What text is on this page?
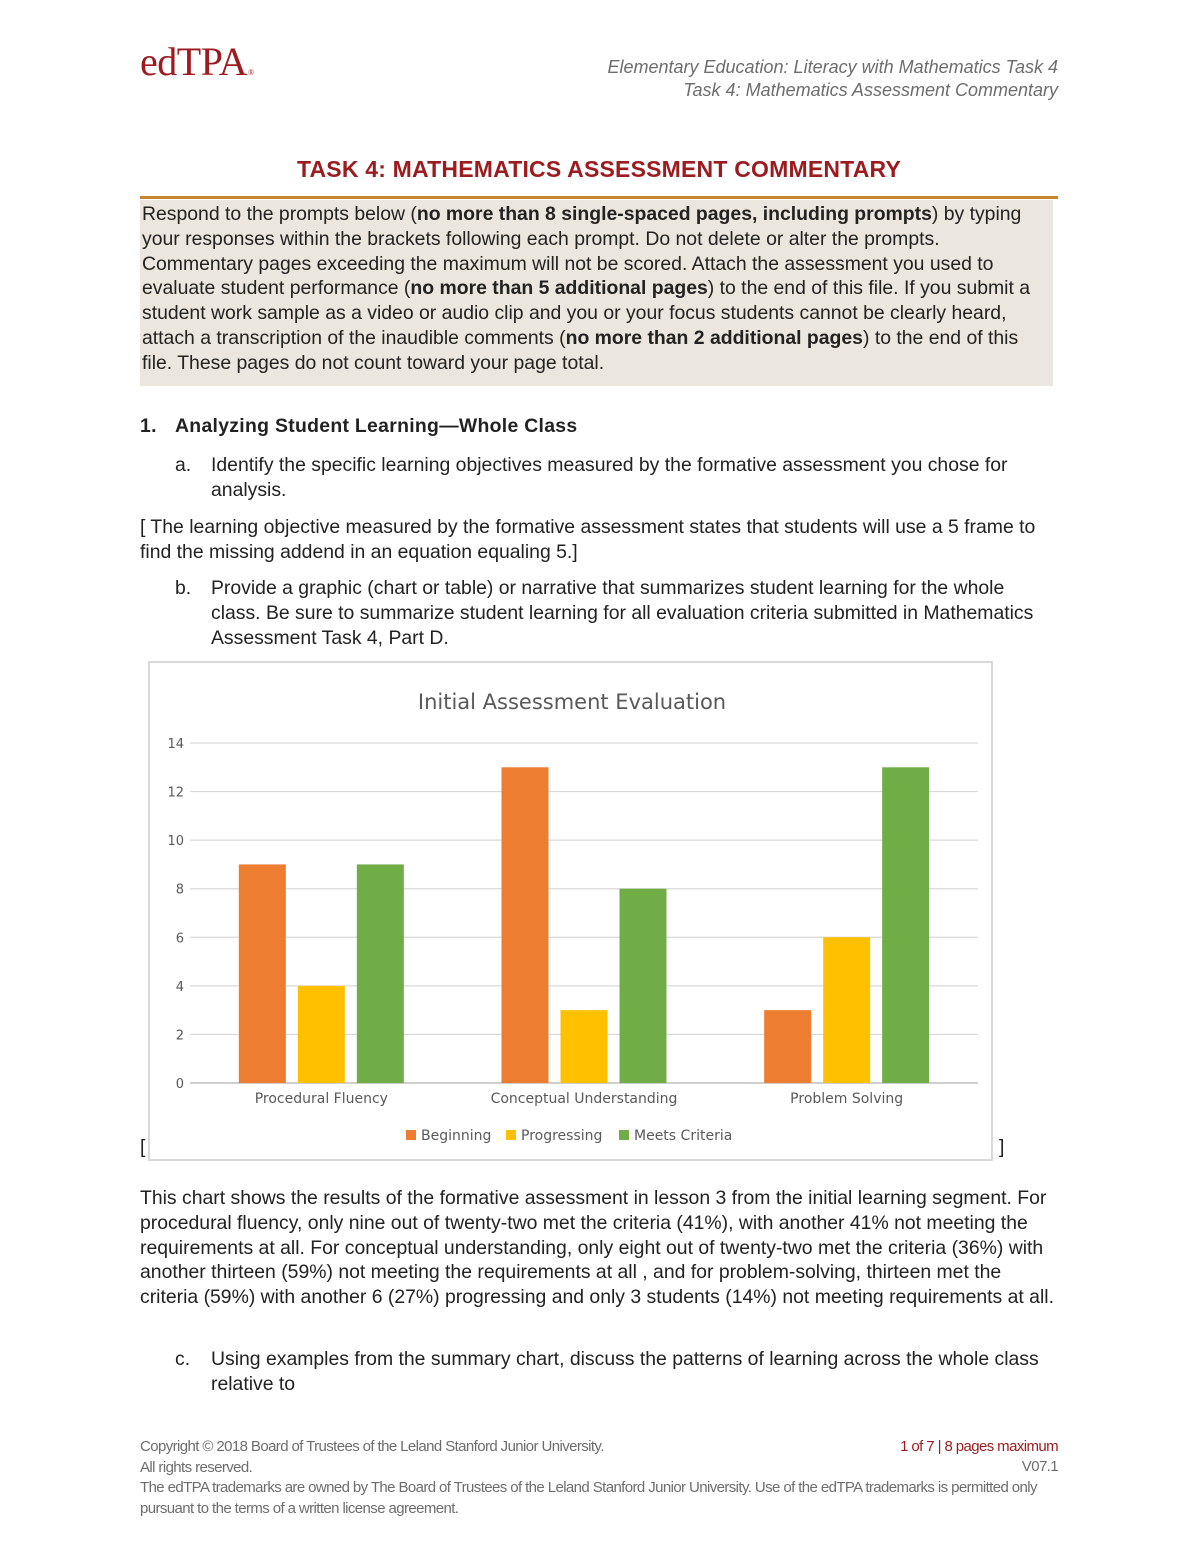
edTPA®	Elementary Education: Literacy with Mathematics Task 4
Task 4: Mathematics Assessment Commentary
TASK 4: MATHEMATICS ASSESSMENT COMMENTARY
Respond to the prompts below (no more than 8 single-spaced pages, including prompts) by typing your responses within the brackets following each prompt. Do not delete or alter the prompts. Commentary pages exceeding the maximum will not be scored. Attach the assessment you used to evaluate student performance (no more than 5 additional pages) to the end of this file. If you submit a student work sample as a video or audio clip and you or your focus students cannot be clearly heard, attach a transcription of the inaudible comments (no more than 2 additional pages) to the end of this file. These pages do not count toward your page total.
1. Analyzing Student Learning—Whole Class
a. Identify the specific learning objectives measured by the formative assessment you chose for analysis.
[ The learning objective measured by the formative assessment states that students will use a 5 frame to find the missing addend in an equation equaling 5.]
b. Provide a graphic (chart or table) or narrative that summarizes student learning for the whole class. Be sure to summarize student learning for all evaluation criteria submitted in Mathematics Assessment Task 4, Part D.
Initial Assessment Evaluation
0
2
4
6
8
10
12
14
Procedural Fluency	Conceptual Understanding	Problem Solving
Beginning Progressing Meets Criteria
[	]
This chart shows the results of the formative assessment in lesson 3 from the initial learning segment. For procedural fluency, only nine out of twenty-two met the criteria (41%), with another 41% not meeting the requirements at all. For conceptual understanding, only eight out of twenty-two met the criteria (36%) with another thirteen (59%) not meeting the requirements at all , and for problem-solving, thirteen met the criteria (59%) with another 6 (27%) progressing and only 3 students (14%) not meeting requirements at all.
c. Using examples from the summary chart, discuss the patterns of learning across the whole class relative to
Copyright © 2018 Board of Trustees of the Leland Stanford Junior University.
All rights reserved.
The edTPA trademarks are owned by The Board of Trustees of the Leland Stanford Junior University. Use of the edTPA trademarks is permitted only pursuant to the terms of a written license agreement.
1 of 7 | 8 pages maximum
V07.1
